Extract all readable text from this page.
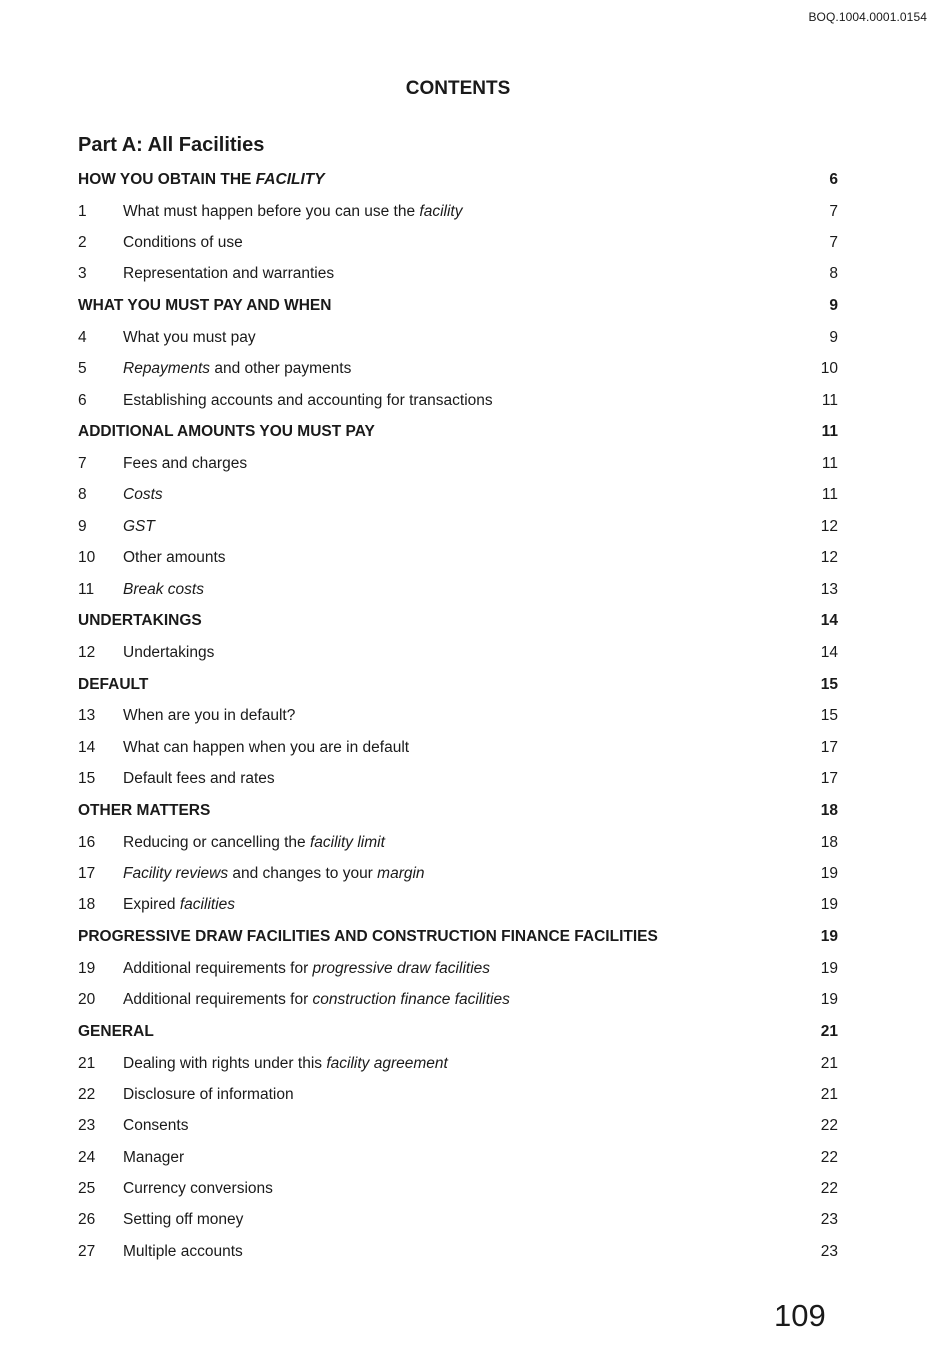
BOQ.1004.0001.0154
CONTENTS
Part A: All Facilities
HOW YOU OBTAIN THE FACILITY	6
1	What must happen before you can use the facility	7
2	Conditions of use	7
3	Representation and warranties	8
WHAT YOU MUST PAY AND WHEN	9
4	What you must pay	9
5	Repayments and other payments	10
6	Establishing accounts and accounting for transactions	11
ADDITIONAL AMOUNTS YOU MUST PAY	11
7	Fees and charges	11
8	Costs	11
9	GST	12
10	Other amounts	12
11	Break costs	13
UNDERTAKINGS	14
12	Undertakings	14
DEFAULT	15
13	When are you in default?	15
14	What can happen when you are in default	17
15	Default fees and rates	17
OTHER MATTERS	18
16	Reducing or cancelling the facility limit	18
17	Facility reviews and changes to your margin	19
18	Expired facilities	19
PROGRESSIVE DRAW FACILITIES AND CONSTRUCTION FINANCE FACILITIES	19
19	Additional requirements for progressive draw facilities	19
20	Additional requirements for construction finance facilities	19
GENERAL	21
21	Dealing with rights under this facility agreement	21
22	Disclosure of information	21
23	Consents	22
24	Manager	22
25	Currency conversions	22
26	Setting off money	23
27	Multiple accounts	23
109
